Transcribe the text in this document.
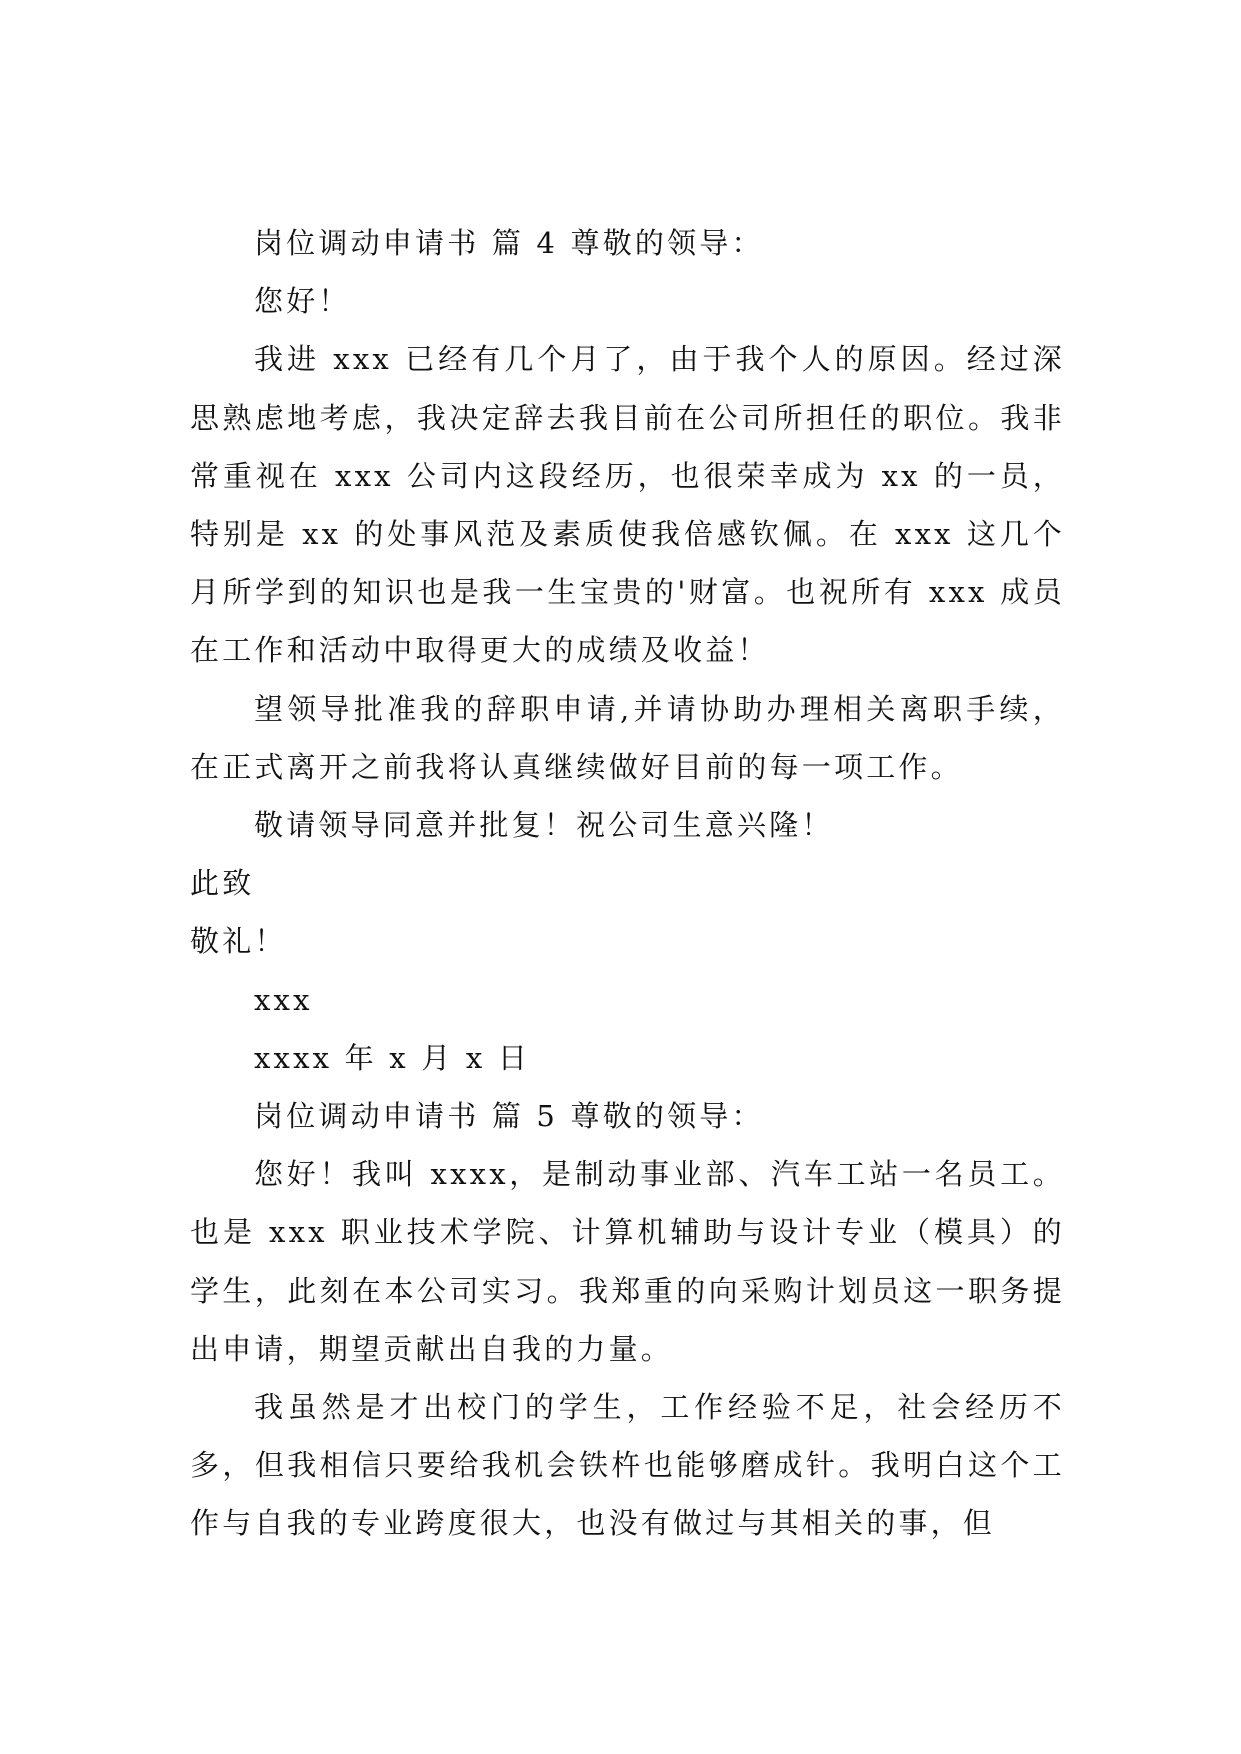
岗位调动申请书 篇 4 尊敬的领导：

您好！

我进 xxx 已经有几个月了，由于我个人的原因。经过深思熟虑地考虑，我决定辞去我目前在公司所担任的职位。我非常重视在 xxx 公司内这段经历，也很荣幸成为 xx 的一员，特别是 xx 的处事风范及素质使我倍感钦佩。在 xxx 这几个月所学到的知识也是我一生宝贵的'财富。也祝所有 xxx 成员在工作和活动中取得更大的成绩及收益！

望领导批准我的辞职申请,并请协助办理相关离职手续，在正式离开之前我将认真继续做好目前的每一项工作。

敬请领导同意并批复！祝公司生意兴隆！

此致

敬礼！

xxx

xxxx 年 x 月 x 日

岗位调动申请书 篇 5 尊敬的领导：

您好！我叫 xxxx，是制动事业部、汽车工站一名员工。也是 xxx 职业技术学院、计算机辅助与设计专业（模具）的学生，此刻在本公司实习。我郑重的向采购计划员这一职务提出申请，期望贡献出自我的力量。

我虽然是才出校门的学生，工作经验不足，社会经历不多，但我相信只要给我机会铁杵也能够磨成针。我明白这个工作与自我的专业跨度很大，也没有做过与其相关的事，但
